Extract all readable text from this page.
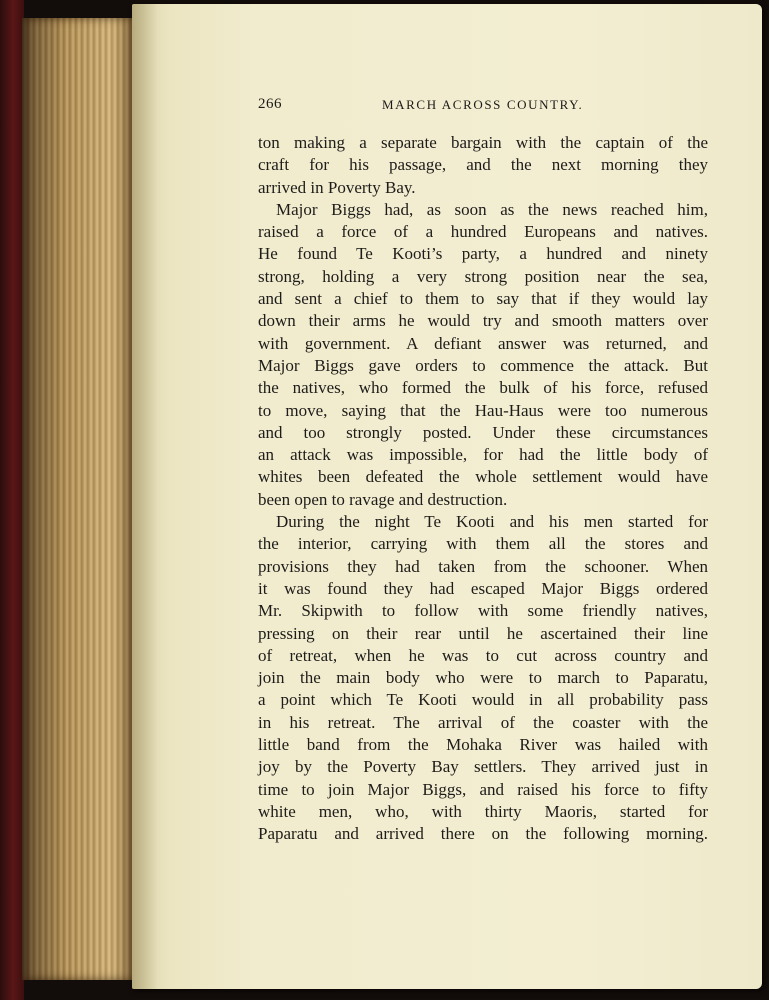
266	MARCH ACROSS COUNTRY.
ton making a separate bargain with the captain of the
craft for his passage, and the next morning they
arrived in Poverty Bay.
Major Biggs had, as soon as the news reached him,
raised a force of a hundred Europeans and natives.
He found Te Kooti’s party, a hundred and ninety
strong, holding a very strong position near the sea,
and sent a chief to them to say that if they would lay
down their arms he would try and smooth matters over
with government. A defiant answer was returned, and
Major Biggs gave orders to commence the attack. But
the natives, who formed the bulk of his force, refused
to move, saying that the Hau-Haus were too numerous
and too strongly posted. Under these circumstances
an attack was impossible, for had the little body of
whites been defeated the whole settlement would have
been open to ravage and destruction.
During the night Te Kooti and his men started for
the interior, carrying with them all the stores and
provisions they had taken from the schooner. When
it was found they had escaped Major Biggs ordered
Mr. Skipwith to follow with some friendly natives,
pressing on their rear until he ascertained their line
of retreat, when he was to cut across country and
join the main body who were to march to Paparatu,
a point which Te Kooti would in all probability pass
in his retreat. The arrival of the coaster with the
little band from the Mohaka River was hailed with
joy by the Poverty Bay settlers. They arrived just in
time to join Major Biggs, and raised his force to fifty
white men, who, with thirty Maoris, started for
Paparatu and arrived there on the following morning.
